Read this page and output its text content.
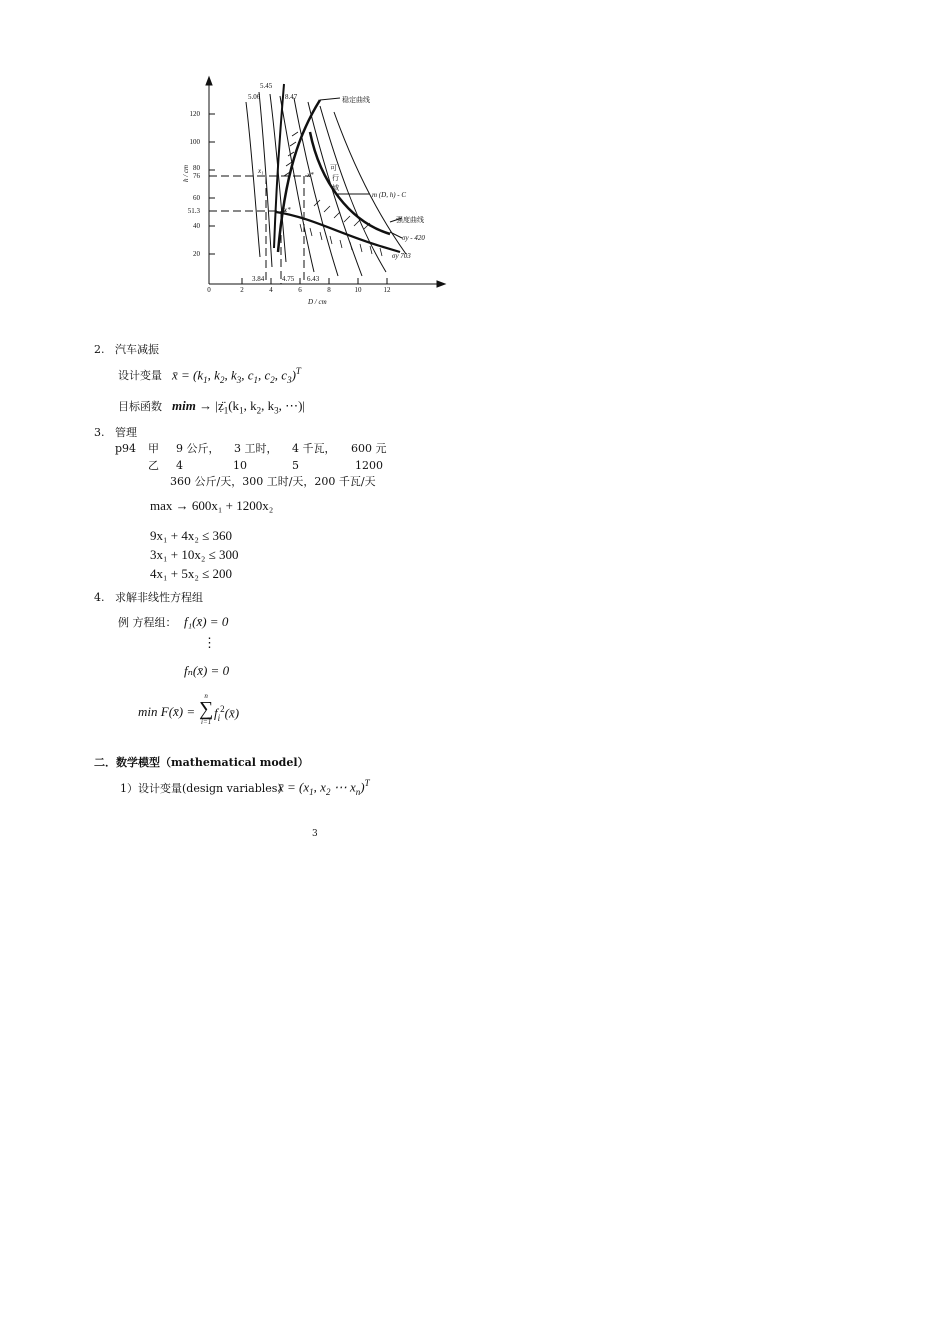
120
100
80
76
60
51.3
40
20
0	2	4	6	8	10	12
5.45
5.06	8.47
3.84	4.75 6.43
稳定曲线
强度曲线
可
行
域
m (D, h) - C
x*
x*
x₁
σy - 420
σy 703
D / cm
h / cm
2. 汽车减振
设计变量 x̄ = ($k_1$, $k_2$, $k_3$, $c_1$, $c_2$, $c_3)^T$
目标函数 mim → $|ẓ̈_1(k_1$, $k_2$, $k_3$, ⋯)|
3. 管理
p94 甲 9 公斤， 3 工时， 4 千瓦， 600 元
乙 4	10	5	1200
360 公斤/天，300 工时/天，200 千瓦/天
max → 600x₁ + 1200x₂
9x₁ + 4x₂ ≤ 360
3x₁ + 10x₂ ≤ 300
4x₁ + 5x₂ ≤ 200
4. 求解非线性方程组
例 方程组： f₁(x̄) = 0
⋮
fₙ(x̄) = 0
min F(x̄) =
n
∑
i=1
$f_i^2(x̄)$
二．数学模型（mathematical model）
1）设计变量(design variables)
x̄ = ($x_1$, $x_2$ ⋯ $x_n)^T$
3
